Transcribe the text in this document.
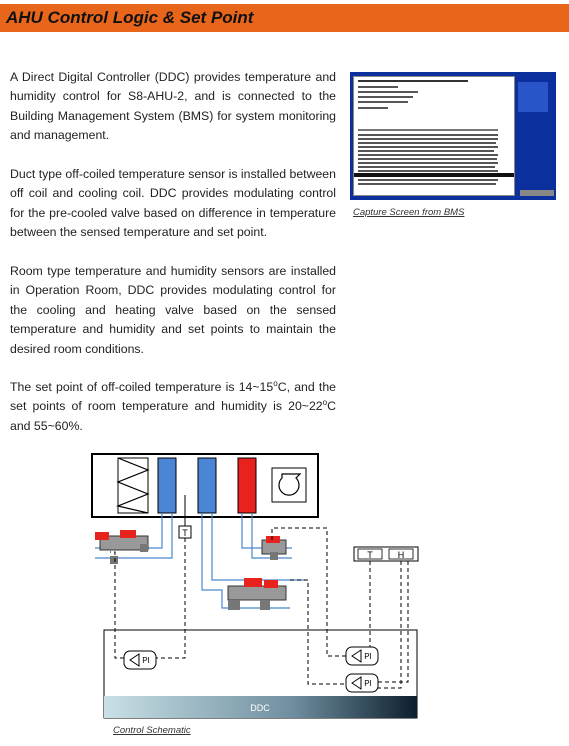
AHU Control Logic & Set Point

A Direct Digital Controller (DDC) provides temperature and humidity control for S8-AHU-2, and is connected to the Building Management System (BMS) for system monitoring and management.

Duct type off-coiled temperature sensor is installed between off coil and cooling coil. DDC provides modulating control for the pre-cooled valve based on difference in temperature between the sensed temperature and set point.

Room type temperature and humidity sensors are installed in Operation Room, DDC provides modulating control for the cooling and heating valve based on the sensed temperature and humidity and set points to maintain the desired room conditions.

The set point of off-coiled temperature is 14~15$^o$C, and the set points of room temperature and humidity is 20~22$^o$C and 55~60%.

Capture Screen from BMS

T
T	H
DDC
PI	PI
PI

Control Schematic
